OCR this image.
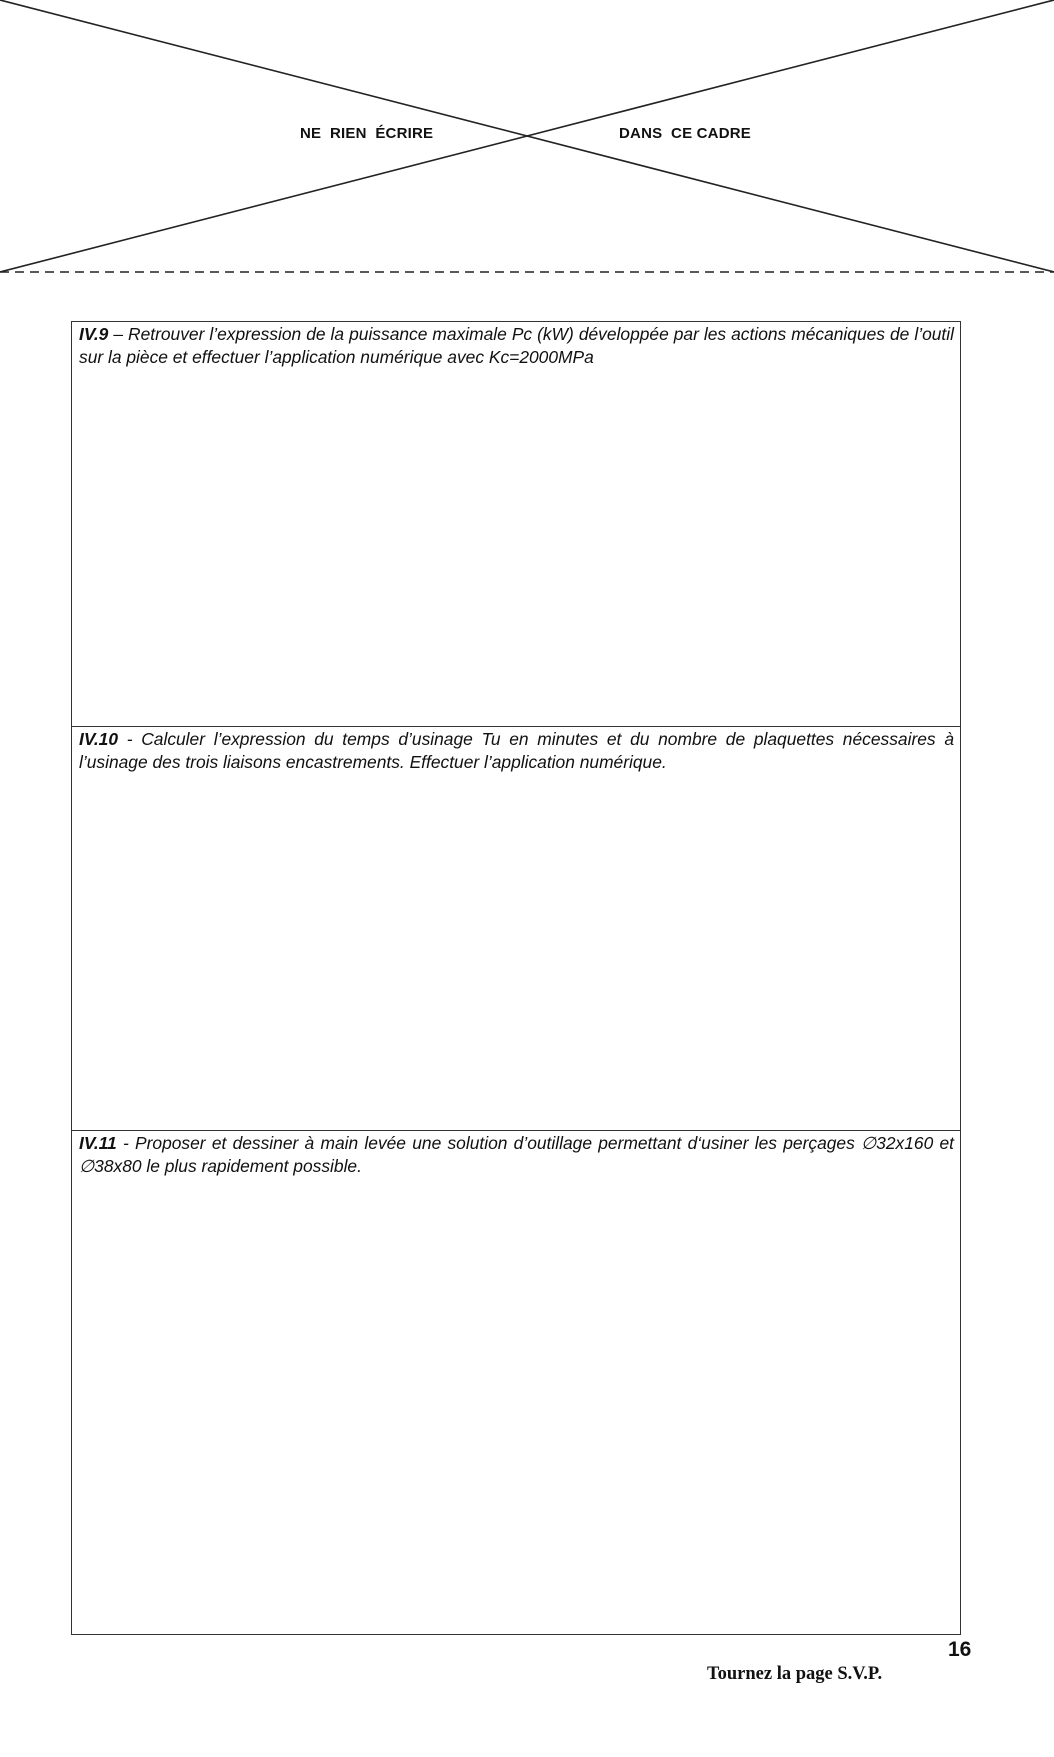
NE  RIEN  ÉCRIRE	DANS  CE CADRE

IV.9 – Retrouver l’expression de la puissance maximale Pc (kW) développée par les actions mécaniques de l’outil sur la pièce et effectuer l’application numérique avec Kc=2000MPa

IV.10 - Calculer l’expression du temps d’usinage Tu en minutes et du nombre de plaquettes nécessaires à l’usinage des trois liaisons encastrements. Effectuer l’application numérique.

IV.11 - Proposer et dessiner à main levée une solution d’outillage permettant d‘usiner les perçages ∅32x160 et ∅38x80 le plus rapidement possible.

16
Tournez la page S.V.P.
